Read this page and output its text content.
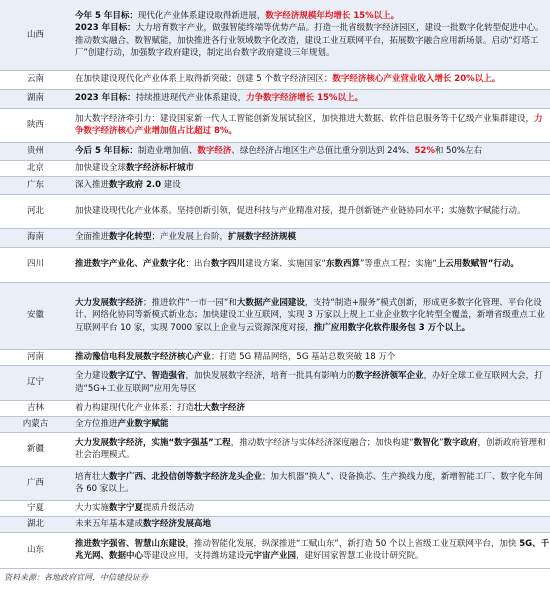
山西	今年 5 年目标：现代化产业体系建设取得新进展，数字经济规模年均增长 15%以上。
2023 年目标：大力培育数字产业，做强智能终端等优势产品。打造一批省级数字经济园区，建设一批数字化转型促进中心。推动数实融合、数智赋能，加快推进各行业领域数字化改造，建设工业互联网平台，拓展数字融合应用新场景。启动“灯塔工厂”创建行动，加强数字政府建设，制定出台数字政府建设三年规划。
云南	在加快建设现代化产业体系上取得新突破；创建 5 个数字经济园区；数字经济核心产业营业收入增长 20%以上。
湖南	2023 年目标：持续推进现代产业体系建设，力争数字经济增长 15%以上。
陕西	加大数字经济牵引力：建设国家新一代人工智能创新发展试验区，加快推进大数据、软件信息服务等千亿级产业集群建设，力争数字经济核心产业增加值占比超过 8%。
贵州	今后 5 年目标：制造业增加值、数字经济、绿色经济占地区生产总值比重分别达到 24%、52%和 50%左右
北京	加快建设全球数字经济标杆城市
广东	深入推进数字政府 2.0 建设
河北	加快建设现代化产业体系。坚持创新引领，促进科技与产业精准对接，提升创新链产业链协同水平；实施数字赋能行动。
海南	全面推进数字化转型；产业发展上台阶，扩展数字经济规模
四川	推进数字产业化、产业数字化：出台数字四川建设方案、实施国家“东数西算”等重点工程；实施“上云用数赋智”行动。
安徽	大力发展数字经济；推进软件“一市一园”和大数据产业园建设，支持“制造+服务”模式创新，形成更多数字化管理、平台化设计、网络化协同等新模式新业态；加快建设工业互联网，实现 3 万家以上规上工业企业数字化转型全覆盖，新增省级重点工业互联网平台 10 家，实现 7000 家以上企业与云资源深度对接，推广应用数字化软件服务包 3 万个以上。
河南	推动豫信电科发展数字经济核心产业；打造 5G 精品网络，5G 基站总数突破 18 万个
辽宁	全力建设数字辽宁、智造强省，加快发展数字经济，培育一批具有影响力的数字经济领军企业，办好全球工业互联网大会，打造“5G+工业互联网”应用先导区
吉林	着力构建现代化产业体系：打造壮大数字经济
内蒙古	全方位推进产业数字赋能
新疆	大力发展数字经济，实施“数字强基”工程，推动数字经济与实体经济深度融合；加快构建“数智化”数字政府，创新政府管理和社会治理模式。
广西	培育壮大数字广西、北投信创等数字经济龙头企业；加大机器“换人”、设备换芯、生产换线力度，新增智能工厂、数字化车间各 60 家以上。
宁夏	大力实施数字宁夏提质升级活动
湖北	未来五年基本建成数字经济发展高地
山东	推进数字强省、智慧山东建设，推动智能化发展，纵深推进“工赋山东”，新打造 50 个以上省级工业互联网平台，加快 5G、千兆光网、数据中心等建设应用，支持潍坊建设元宇宙产业园，建好国家智慧工业设计研究院。
资料来源：各地政府官网，中信建投证券
